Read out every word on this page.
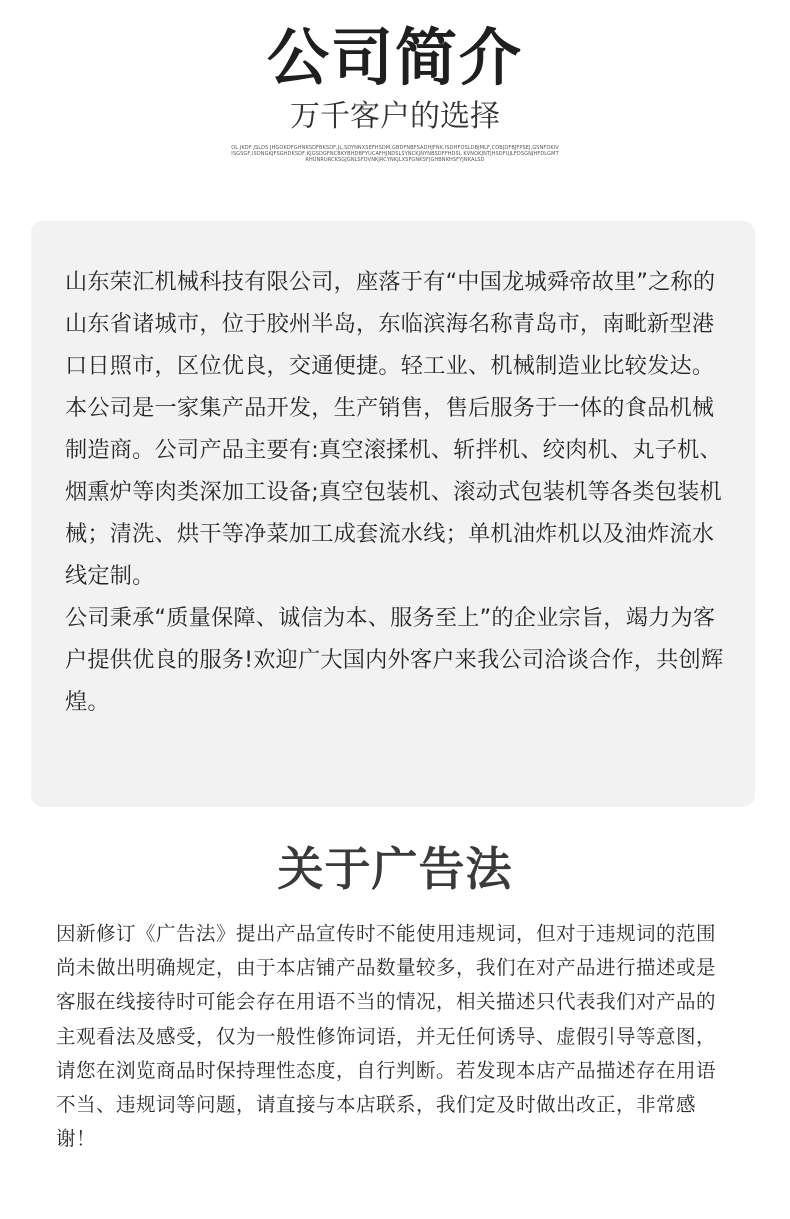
公司简介
万千客户的选择
OL JKDF JSLDS JHGOKDFGHNKSDFBKSDF,JL,SDYNNXSEFHSDM,GBDFNBFSADHJFNK,ISDHFOSLDBJMLF,COBJDFBJFPSEJ,GSNFDKIV ISGSGF,ISDNGKJFSGHDKSDF,KJGSDGFNCBKYBHDBFYUCAFHJNDSLSYNCKJNYNBSDFFHDSL KVNOKJNTJHSDFUJLFDSGNJHFDLGMTRHUNRURCKSGJGNLSFDVNKJRCYNKJLXSFGNKSFJGHBNKHSFYJNKALSD

山东荣汇机械科技有限公司，座落于有“中国龙城舜帝故里”之称的山东省诸城市，位于胶州半岛，东临滨海名称青岛市，南毗新型港口日照市，区位优良，交通便捷。轻工业、机械制造业比较发达。

本公司是一家集产品开发，生产销售，售后服务于一体的食品机械制造商。公司产品主要有:真空滚揉机、斩拌机、绞肉机、丸子机、烟熏炉等肉类深加工设备;真空包装机、滚动式包装机等各类包装机械；清洗、烘干等净菜加工成套流水线；单机油炸机以及油炸流水线定制。

公司秉承“质量保障、诚信为本、服务至上”的企业宗旨，竭力为客户提供优良的服务!欢迎广大国内外客户来我公司洽谈合作，共创辉煌。

关于广告法

因新修订《广告法》提出产品宣传时不能使用违规词，但对于违规词的范围尚未做出明确规定，由于本店铺产品数量较多，我们在对产品进行描述或是客服在线接待时可能会存在用语不当的情况，相关描述只代表我们对产品的主观看法及感受，仅为一般性修饰词语，并无任何诱导、虚假引导等意图，请您在浏览商品时保持理性态度，自行判断。若发现本店产品描述存在用语不当、违规词等问题，请直接与本店联系，我们定及时做出改正，非常感谢！
